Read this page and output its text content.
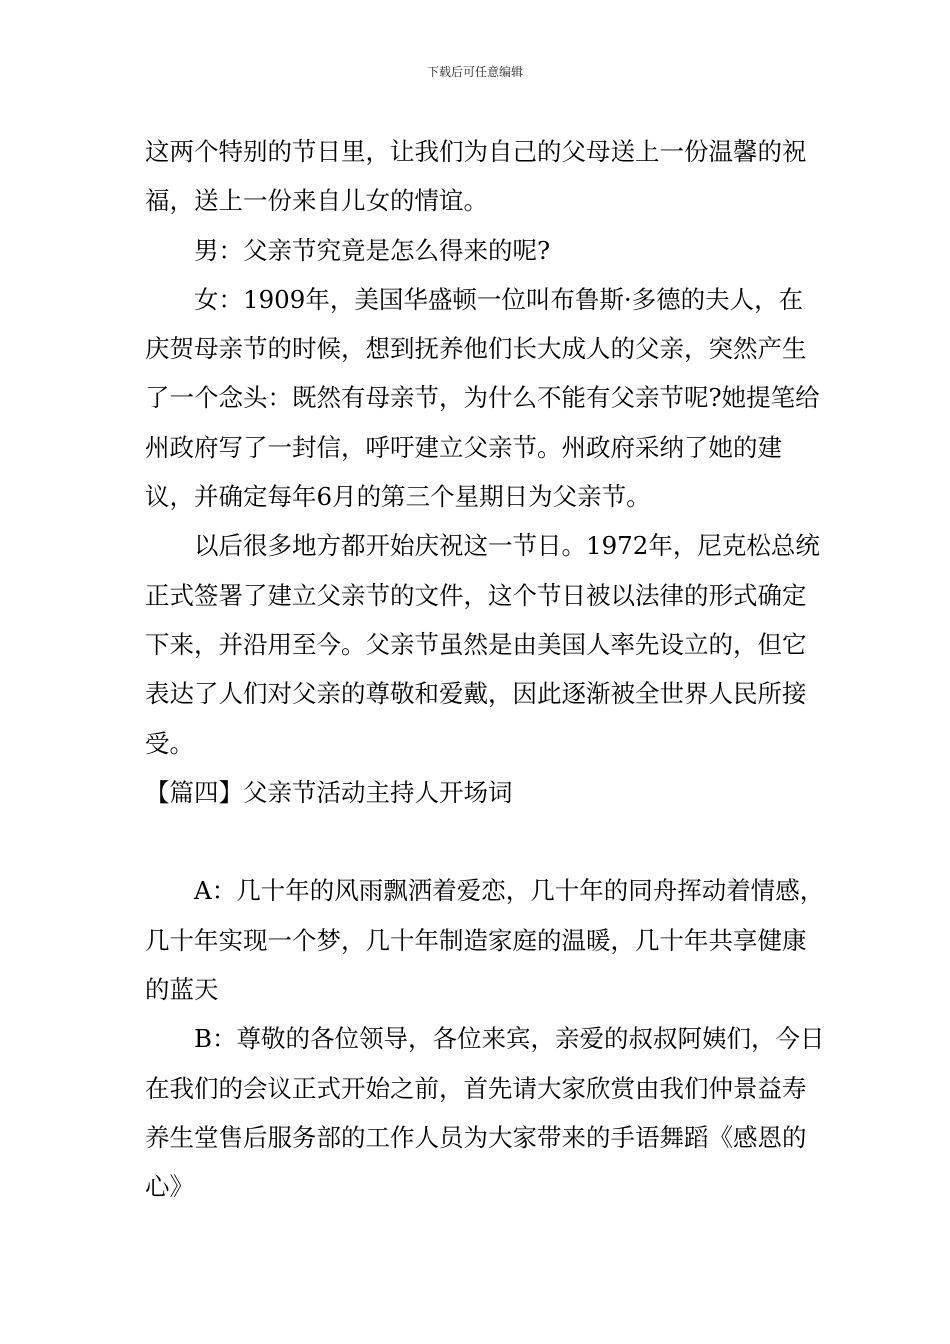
下载后可任意编辑

这两个特别的节日里，让我们为自己的父母送上一份温馨的祝福，送上一份来自儿女的情谊。

男：父亲节究竟是怎么得来的呢?

女：1909年，美国华盛顿一位叫布鲁斯·多德的夫人，在庆贺母亲节的时候，想到抚养他们长大成人的父亲，突然产生了一个念头：既然有母亲节，为什么不能有父亲节呢?她提笔给州政府写了一封信，呼吁建立父亲节。州政府采纳了她的建议，并确定每年6月的第三个星期日为父亲节。

以后很多地方都开始庆祝这一节日。1972年，尼克松总统正式签署了建立父亲节的文件，这个节日被以法律的形式确定下来，并沿用至今。父亲节虽然是由美国人率先设立的，但它表达了人们对父亲的尊敬和爱戴，因此逐渐被全世界人民所接受。

【篇四】父亲节活动主持人开场词

A：几十年的风雨飘洒着爱恋，几十年的同舟挥动着情感，几十年实现一个梦，几十年制造家庭的温暖，几十年共享健康的蓝天

B：尊敬的各位领导，各位来宾，亲爱的叔叔阿姨们，今日在我们的会议正式开始之前，首先请大家欣赏由我们仲景益寿养生堂售后服务部的工作人员为大家带来的手语舞蹈《感恩的心》
